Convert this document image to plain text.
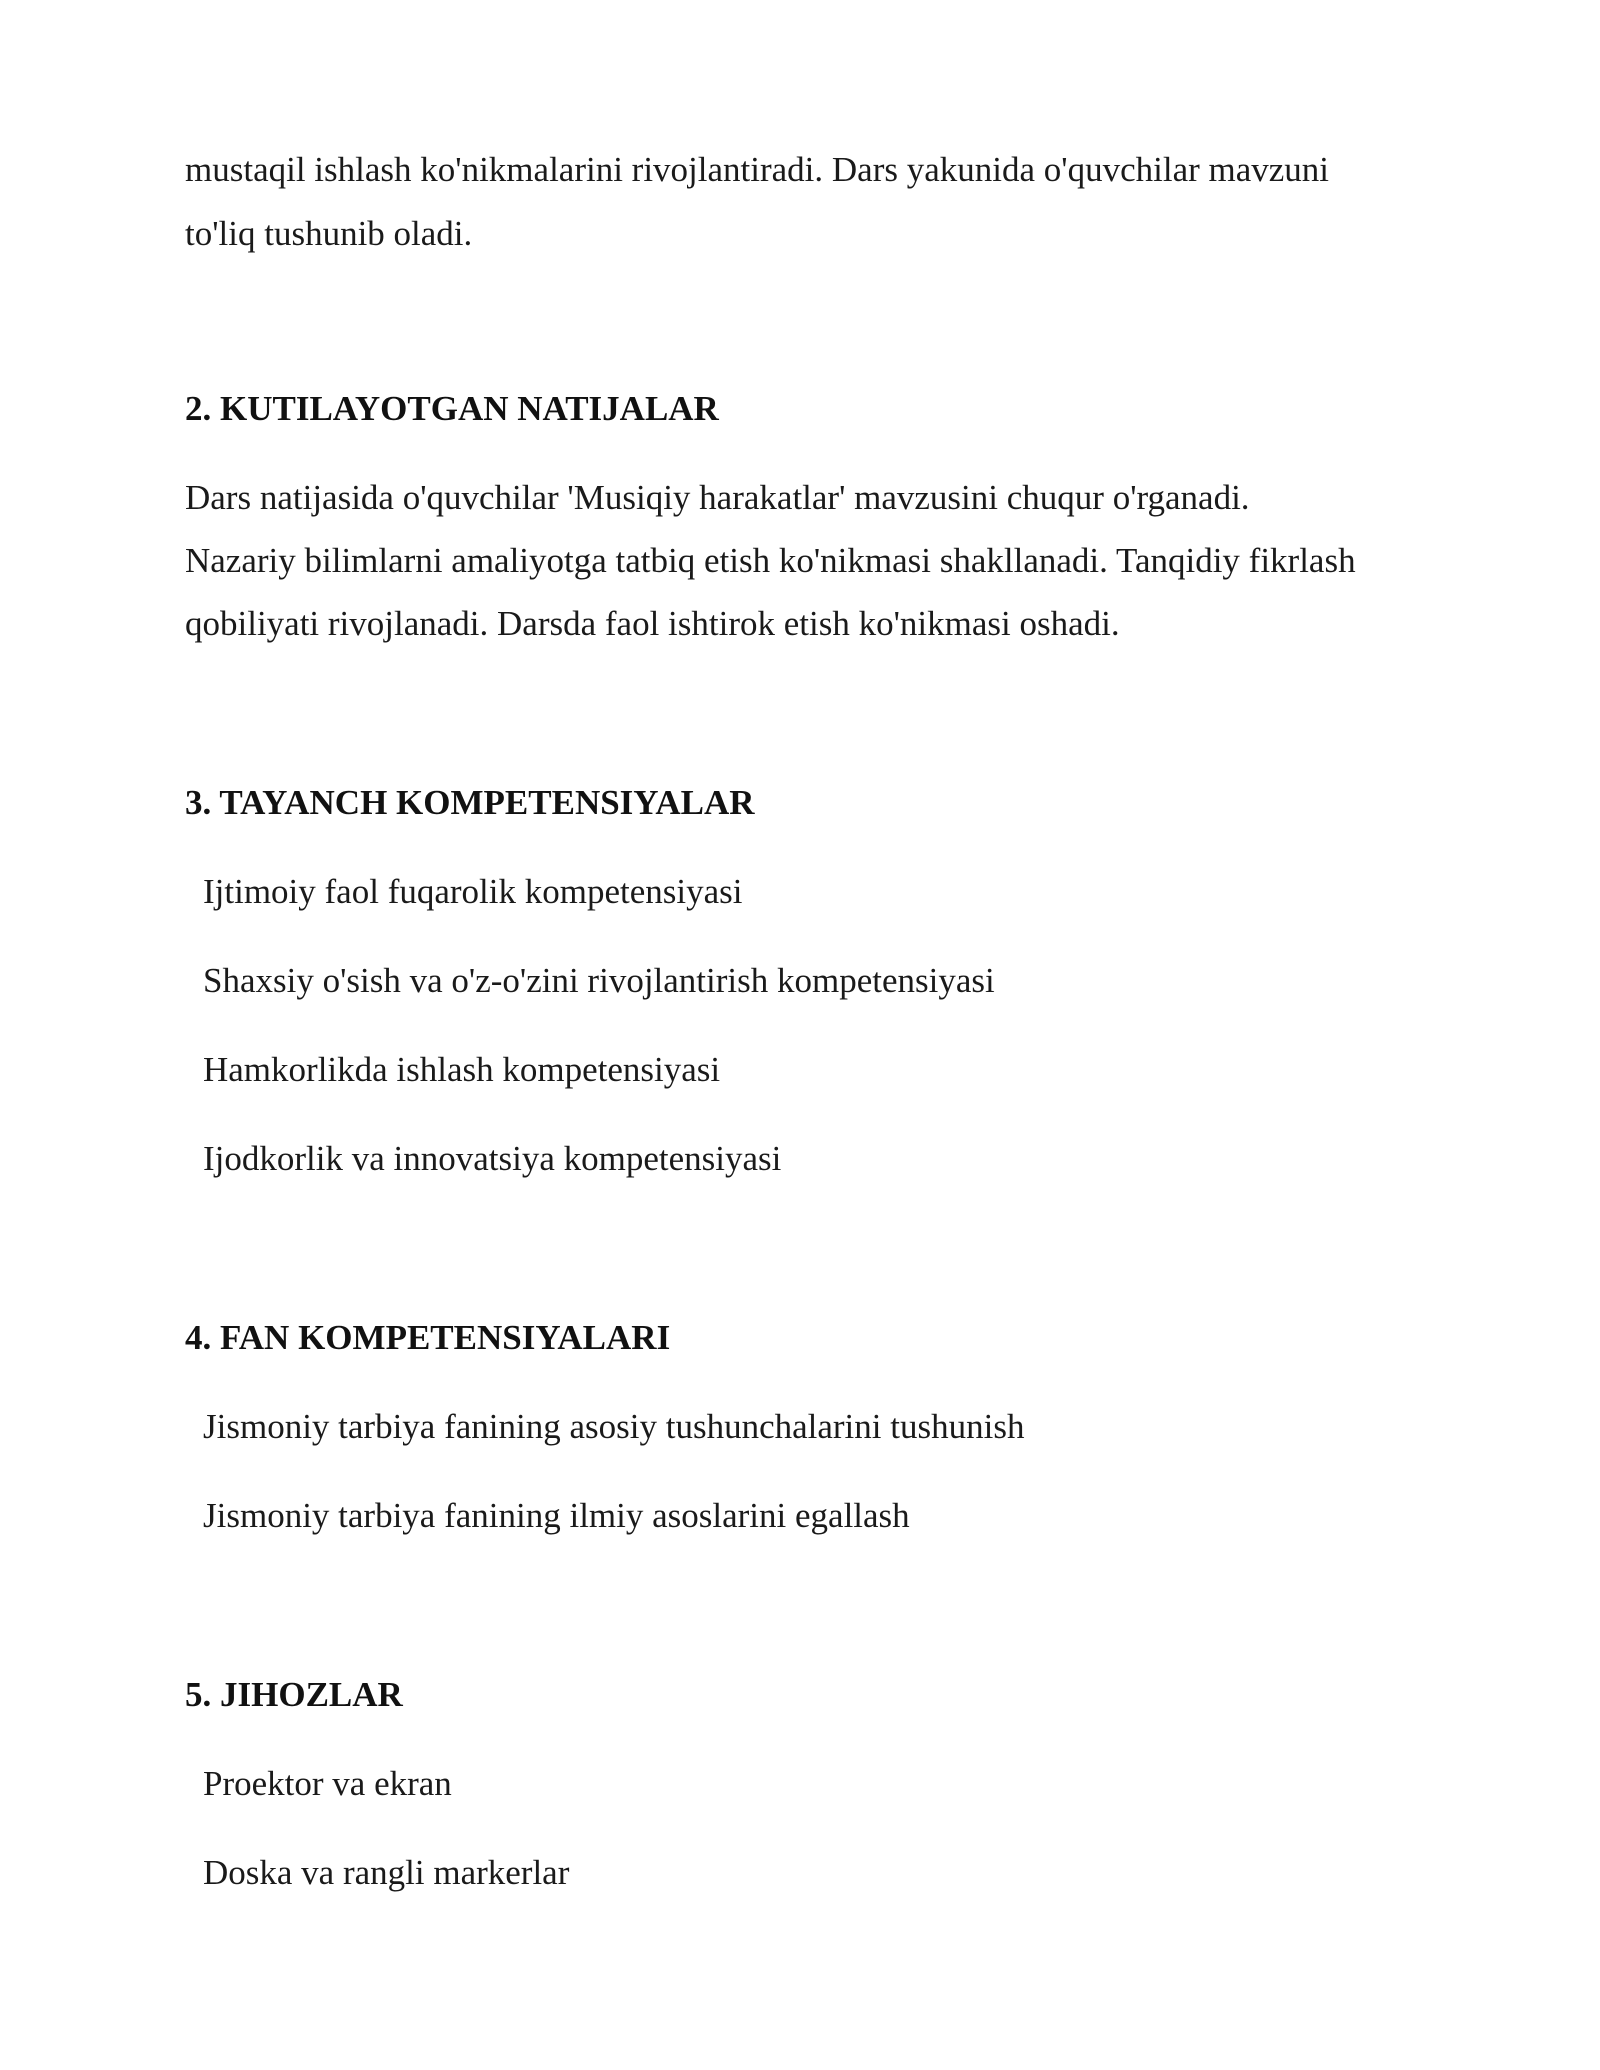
mustaqil ishlash ko'nikmalarini rivojlantiradi. Dars yakunida o'quvchilar mavzuni
to'liq tushunib oladi.
2. KUTILAYOTGAN NATIJALAR
Dars natijasida o'quvchilar 'Musiqiy harakatlar' mavzusini chuqur o'rganadi.
Nazariy bilimlarni amaliyotga tatbiq etish ko'nikmasi shakllanadi. Tanqidiy fikrlash
qobiliyati rivojlanadi. Darsda faol ishtirok etish ko'nikmasi oshadi.
3. TAYANCH KOMPETENSIYALAR
Ijtimoiy faol fuqarolik kompetensiyasi
Shaxsiy o'sish va o'z-o'zini rivojlantirish kompetensiyasi
Hamkorlikda ishlash kompetensiyasi
Ijodkorlik va innovatsiya kompetensiyasi
4. FAN KOMPETENSIYALARI
Jismoniy tarbiya fanining asosiy tushunchalarini tushunish
Jismoniy tarbiya fanining ilmiy asoslarini egallash
5. JIHOZLAR
Proektor va ekran
Doska va rangli markerlar
